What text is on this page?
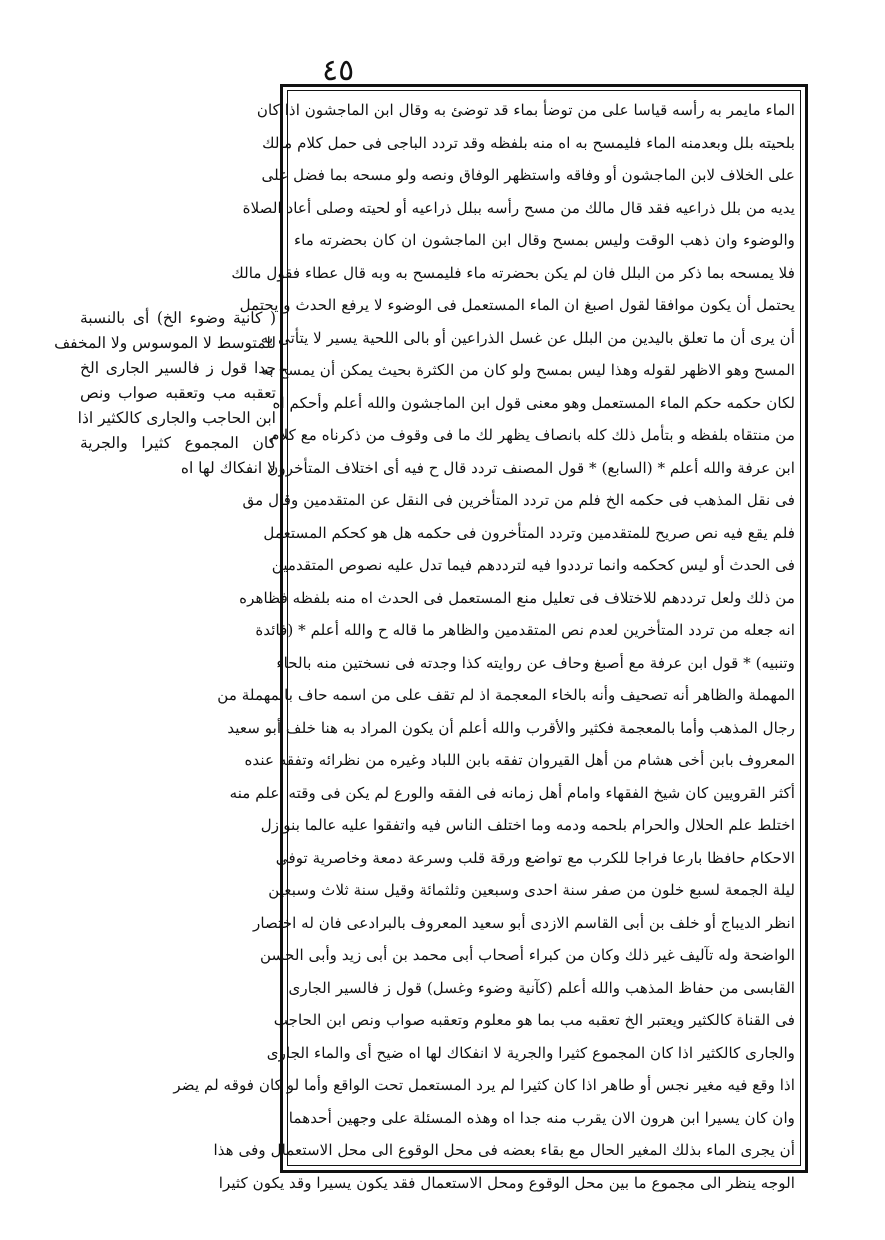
٤٥
الماء مايمر به رأسه قياسا على من توضأ بماء قد توضئ به وقال ابن الماجشون اذا كان
بلحيته بلل وبعدمنه الماء فليمسح به اه منه بلفظه وقد تردد الباجى فى حمل كلام مالك
على الخلاف لابن الماجشون أو وفاقه واستظهر الوفاق ونصه ولو مسحه بما فضل على
يديه من بلل ذراعيه فقد قال مالك من مسح رأسه ببلل ذراعيه أو لحيته وصلى أعاد الصلاة
والوضوء وان ذهب الوقت وليس بمسح وقال ابن الماجشون ان كان بحضرته ماء
فلا يمسحه بما ذكر من البلل فان لم يكن بحضرته ماء فليمسح به وبه قال عطاء فقول مالك
يحتمل أن يكون موافقا لقول اصبغ ان الماء المستعمل فى الوضوء لا يرفع الحدث و يحتمل
أن يرى أن ما تعلق باليدين من البلل عن غسل الذراعين أو بالى اللحية يسير لا يتأتى به
المسح وهو الاظهر لقوله وهذا ليس بمسح ولو كان من الكثرة بحيث يمكن أن يمسح به
لكان حكمه حكم الماء المستعمل وهو معنى قول ابن الماجشون والله أعلم وأحكم اه
من منتقاه بلفظه و بتأمل ذلك كله بانصاف يظهر لك ما فى وقوف من ذكرناه مع كلام
ابن عرفة والله أعلم * (السابع) * قول المصنف تردد قال ح فيه أى اختلاف المتأخرون
فى نقل المذهب فى حكمه الخ فلم من تردد المتأخرين فى النقل عن المتقدمين وقال مق
فلم يقع فيه نص صريح للمتقدمين وتردد المتأخرون فى حكمه هل هو كحكم المستعمل
فى الحدث أو ليس كحكمه وانما ترددوا فيه لترددهم فيما تدل عليه نصوص المتقدمين
من ذلك ولعل ترددهم للاختلاف فى تعليل منع المستعمل فى الحدث اه منه بلفظه فظاهره
انه جعله من تردد المتأخرين لعدم نص المتقدمين والظاهر ما قاله ح والله أعلم * (فائدة
وتنبيه) * قول ابن عرفة مع أصبغ وحاف عن روايته كذا وجدته فى نسختين منه بالحاء
المهملة والظاهر أنه تصحيف وأنه بالخاء المعجمة اذ لم تقف على من اسمه حاف بالمهملة من
رجال المذهب وأما بالمعجمة فكثير والأقرب والله أعلم أن يكون المراد به هنا خلف أبو سعيد
المعروف بابن أخى هشام من أهل القيروان تفقه بابن اللباد وغيره من نظرائه وتفقه عنده
أكثر القرويين كان شيخ الفقهاء وامام أهل زمانه فى الفقه والورع لم يكن فى وقته أعلم منه
اختلط علم الحلال والحرام بلحمه ودمه وما اختلف الناس فيه واتفقوا عليه عالما بنوازل
الاحكام حافظا بارعا فراجا للكرب مع تواضع ورقة قلب وسرعة دمعة وخاصرية توفى
ليلة الجمعة لسبع خلون من صفر سنة احدى وسبعين وثلثمائة وقيل سنة ثلاث وسبعين
انظر الديباج أو خلف بن أبى القاسم الازدى أبو سعيد المعروف بالبرادعى فان له اختصار
الواضحة وله تآليف غير ذلك وكان من كبراء أصحاب أبى محمد بن أبى زيد وأبى الحسن
القابسى من حفاظ المذهب والله أعلم (كآنية وضوء وغسل) قول ز فالسير الجارى
فى القناة كالكثير ويعتبر الخ تعقبه مب بما هو معلوم وتعقبه صواب ونص ابن الحاجب
والجارى كالكثير اذا كان المجموع كثيرا والجرية لا انفكاك لها اه ضيح أى والماء الجارى
اذا وقع فيه مغير نجس أو طاهر اذا كان كثيرا لم يرد المستعمل تحت الواقع وأما لو كان فوقه لم يضر
وان كان يسيرا ابن هرون الان يقرب منه جدا اه وهذه المسئلة على وجهين أحدهما
أن يجرى الماء بذلك المغير الحال مع بقاء بعضه فى محل الوقوع الى محل الاستعمال وفى هذا
الوجه ينظر الى مجموع ما بين محل الوقوع ومحل الاستعمال فقد يكون يسيرا وقد يكون كثيرا
( كآنية وضوء الخ) أى بالنسبة
للمتوسط لا الموسوس ولا المخفف
جدا قول ز فالسير الجارى الخ
تعقبه مب وتعقبه صواب ونص
ابن الحاجب والجارى كالكثير اذا
كان المجموع كثيرا والجرية
لا انفكاك لها اه
